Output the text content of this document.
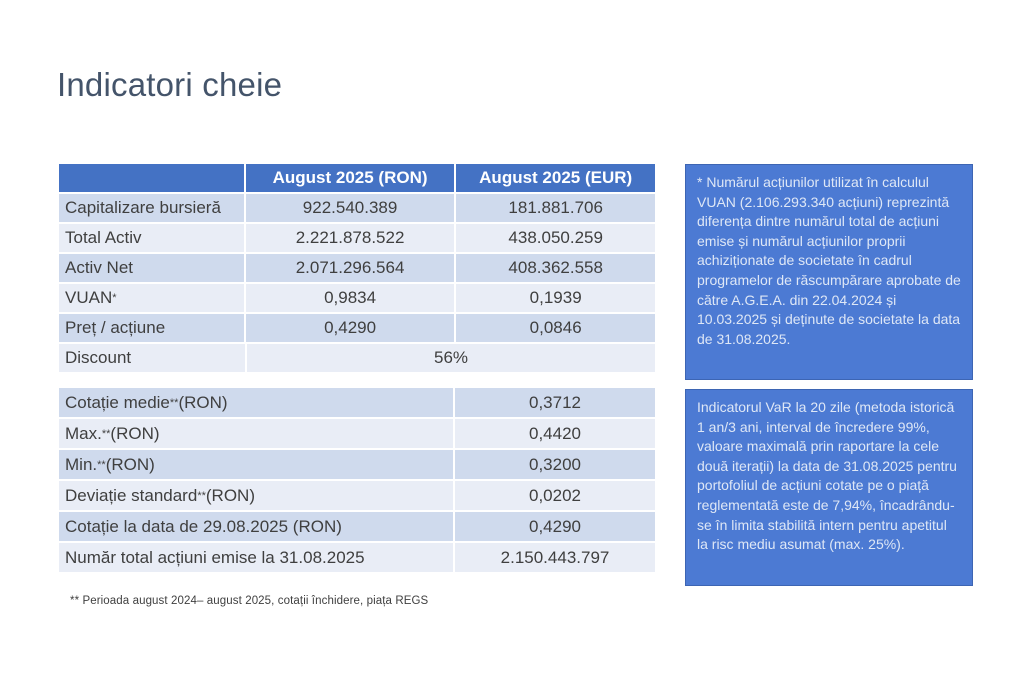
Indicatori cheie
August 2025 (RON)	August 2025 (EUR)
Capitalizare bursieră	922.540.389	181.881.706
Total Activ	2.221.878.522	438.050.259
Activ Net	2.071.296.564	408.362.558
VUAN *	0,9834	0,1939
Preț / acțiune	0,4290	0,0846
Discount	56%
Cotație medie ** (RON)	0,3712
Max. ** (RON)	0,4420
Min. ** (RON)	0,3200
Deviație standard ** (RON)	0,0202
Cotație la data de 29.08.2025 (RON)	0,4290
Număr total acțiuni emise la 31.08.2025	2.150.443.797
** Perioada august 2024– august 2025, cotații închidere, piața REGS
* Numărul acțiunilor utilizat în calculul VUAN (2.106.293.340 acțiuni) reprezintă diferența dintre numărul total de acțiuni emise și numărul acțiunilor proprii achiziționate de societate în cadrul programelor de răscumpărare aprobate de către A.G.E.A. din 22.04.2024 și 10.03.2025 și deținute de societate la data de 31.08.2025.
Indicatorul VaR la 20 zile (metoda istorică 1 an/3 ani, interval de încredere 99%, valoare maximală prin raportare la cele două iterații) la data de 31.08.2025 pentru portofoliul de acțiuni cotate pe o piață reglementată este de 7,94%, încadrându-se în limita stabilită intern pentru apetitul la risc mediu asumat (max. 25%).
